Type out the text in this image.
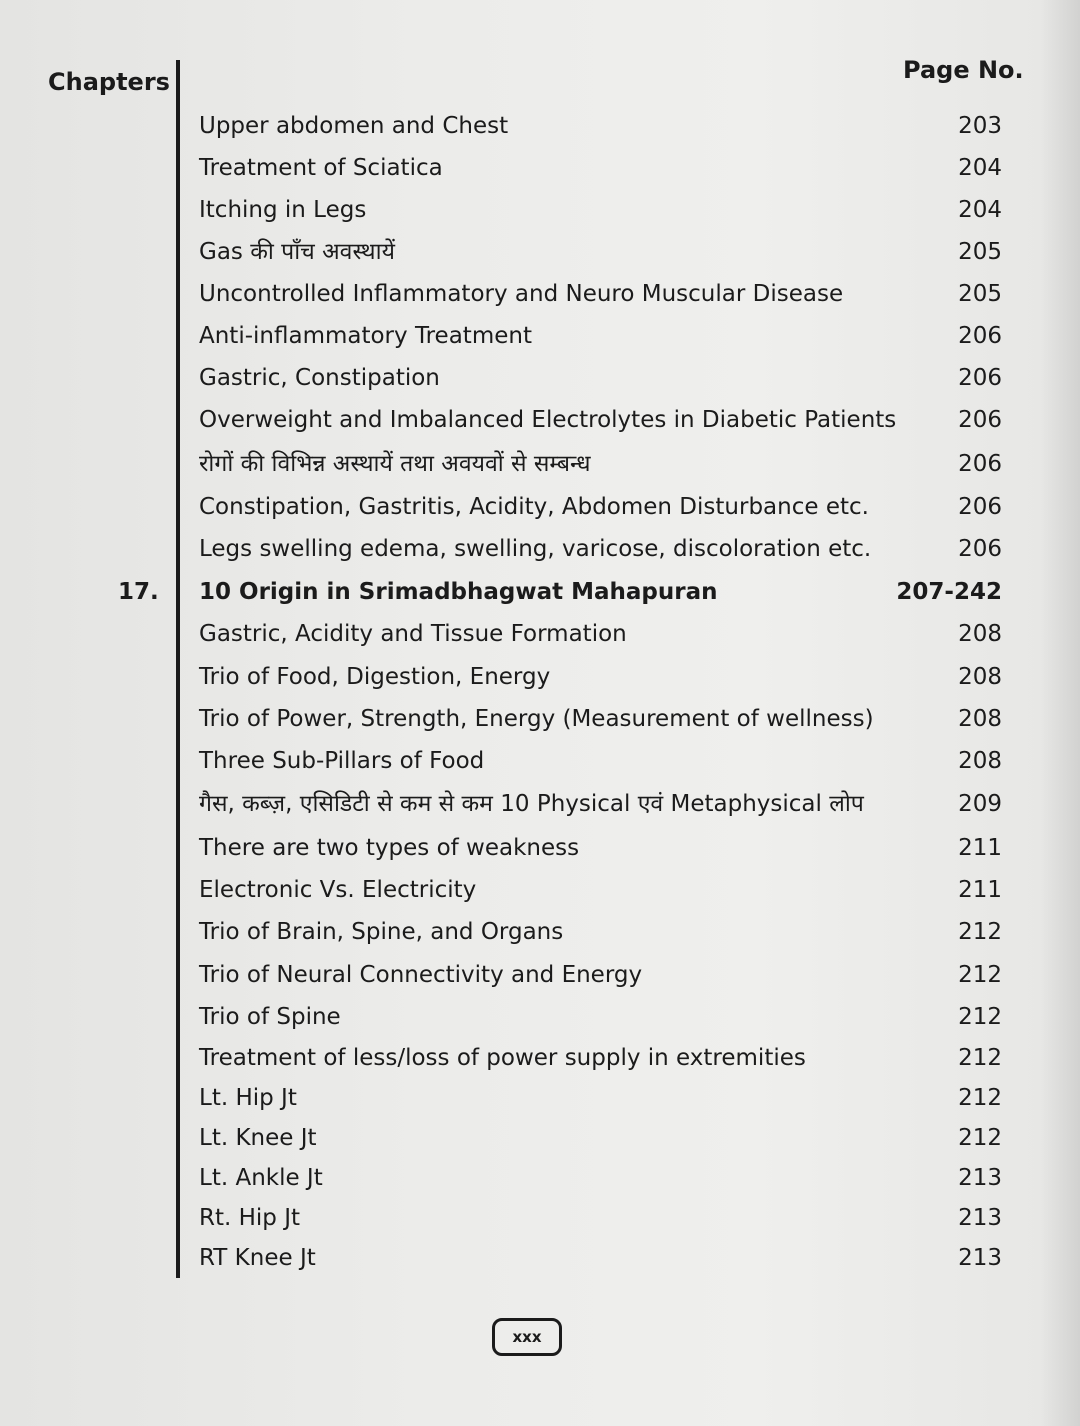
Chapters	Page No.
Upper abdomen and Chest	203
Treatment of Sciatica	204
Itching in Legs	204
Gas की पाँच अवस्थायें	205
Uncontrolled Inflammatory and Neuro Muscular Disease	205
Anti-inflammatory Treatment	206
Gastric, Constipation	206
Overweight and Imbalanced Electrolytes in Diabetic Patients	206
रोगों की विभिन्न अस्थायें तथा अवयवों से सम्बन्ध	206
Constipation, Gastritis, Acidity, Abdomen Disturbance etc.	206
Legs swelling edema, swelling, varicose, discoloration etc.	206
17. 10 Origin in Srimadbhagwat Mahapuran	207-242
Gastric, Acidity and Tissue Formation	208
Trio of Food, Digestion, Energy	208
Trio of Power, Strength, Energy (Measurement of wellness)	208
Three Sub-Pillars of Food	208
गैस, कब्ज़, एसिडिटी से कम से कम 10 Physical एवं Metaphysical लोप	209
There are two types of weakness	211
Electronic Vs. Electricity	211
Trio of Brain, Spine, and Organs	212
Trio of Neural Connectivity and Energy	212
Trio of Spine	212
Treatment of less/loss of power supply in extremities	212
Lt. Hip Jt	212
Lt. Knee Jt	212
Lt. Ankle Jt	213
Rt. Hip Jt	213
RT Knee Jt	213
xxx
